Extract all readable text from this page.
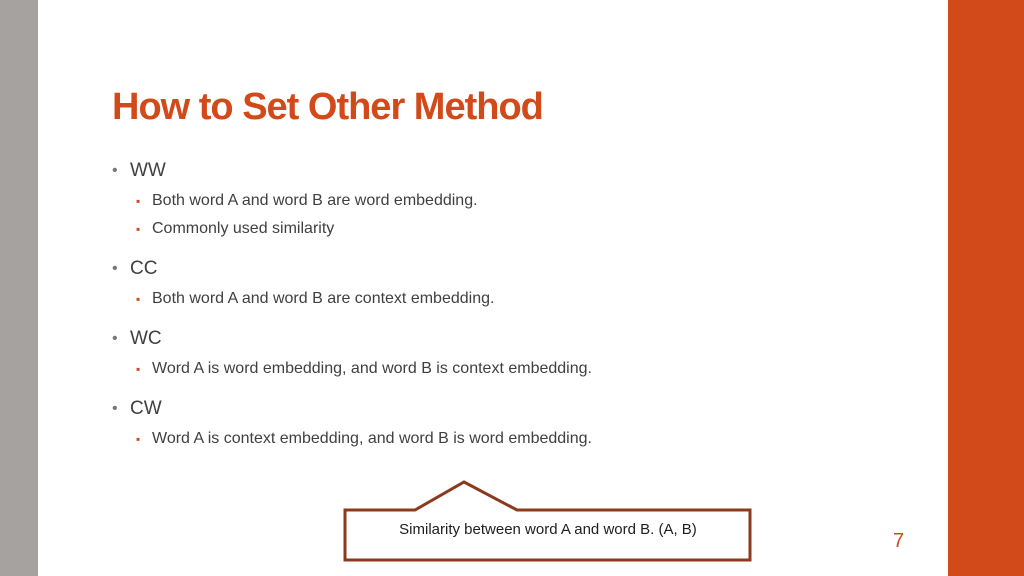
How to Set Other Method
• WW
▪ Both word A and word B are word embedding.
▪ Commonly used similarity
• CC
▪ Both word A and word B are context embedding.
• WC
▪ Word A is word embedding, and word B is context embedding.
• CW
▪ Word A is context embedding, and word B is word embedding.
Similarity between word A and word B. (A, B)
7
